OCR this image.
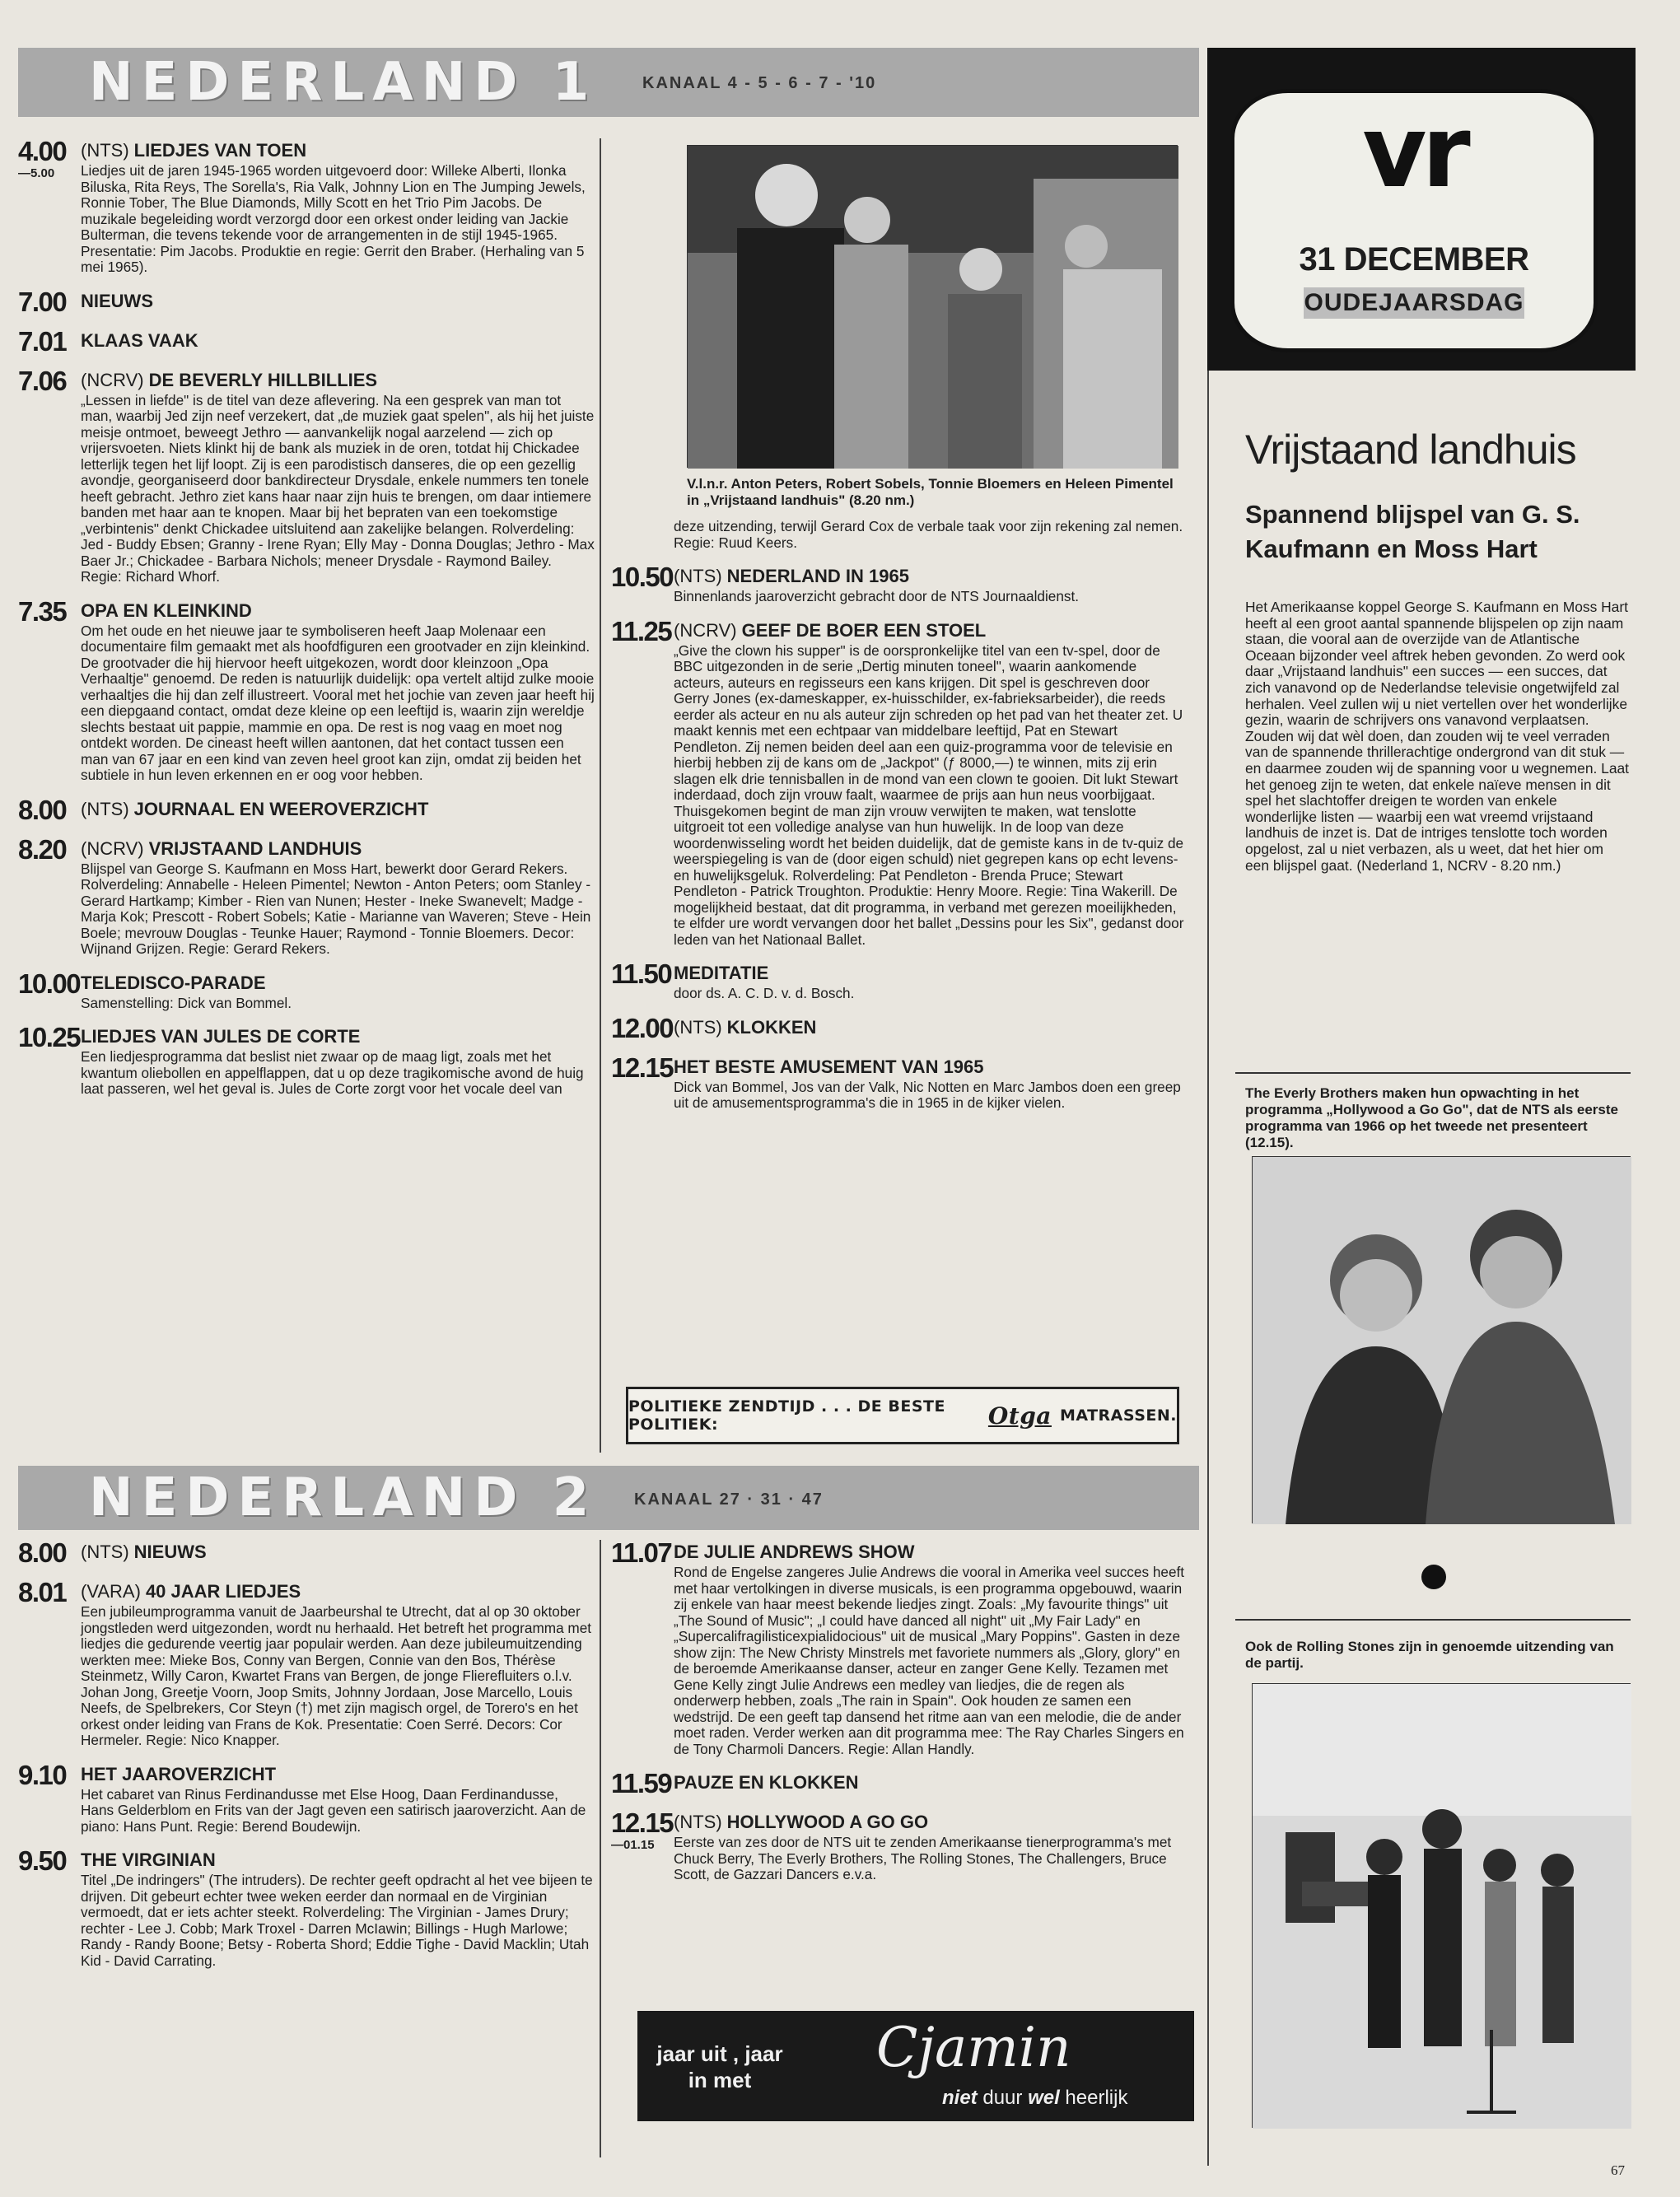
NEDERLAND 1	KANAAL 4 - 5 - 6 - 7 - '10
4.00
—5.00
(NTS) LIEDJES VAN TOEN
Liedjes uit de jaren 1945-1965 worden uitgevoerd door: Willeke Alberti, Ilonka Biluska, Rita Reys, The Sorella's, Ria Valk, Johnny Lion en The Jumping Jewels, Ronnie Tober, The Blue Diamonds, Milly Scott en het Trio Pim Jacobs. De muzikale begeleiding wordt verzorgd door een orkest onder leiding van Jackie Bulterman, die tevens tekende voor de arrangementen in de stijl 1945-1965. Presentatie: Pim Jacobs. Produktie en regie: Gerrit den Braber. (Herhaling van 5 mei 1965).
7.00 NIEUWS
7.01 KLAAS VAAK
7.06 (NCRV) DE BEVERLY HILLBILLIES
„Lessen in liefde" is de titel van deze aflevering. Na een gesprek van man tot man, waarbij Jed zijn neef verzekert, dat „de muziek gaat spelen", als hij het juiste meisje ontmoet, beweegt Jethro — aanvankelijk nogal aarzelend — zich op vrijersvoeten. Niets klinkt hij de bank als muziek in de oren, totdat hij Chickadee letterlijk tegen het lijf loopt. Zij is een parodistisch danseres, die op een gezellig avondje, georganiseerd door bankdirecteur Drysdale, enkele nummers ten tonele heeft gebracht. Jethro ziet kans haar naar zijn huis te brengen, om daar intiemere banden met haar aan te knopen. Maar bij het bepraten van een toekomstige „verbintenis" denkt Chickadee uitsluitend aan zakelijke belangen. Rolverdeling: Jed - Buddy Ebsen; Granny - Irene Ryan; Elly May - Donna Douglas; Jethro - Max Baer Jr.; Chickadee - Barbara Nichols; meneer Drysdale - Raymond Bailey. Regie: Richard Whorf.
7.35 OPA EN KLEINKIND
Om het oude en het nieuwe jaar te symboliseren heeft Jaap Molenaar een documentaire film gemaakt met als hoofdfiguren een grootvader en zijn kleinkind. De grootvader die hij hiervoor heeft uitgekozen, wordt door kleinzoon „Opa Verhaaltje" genoemd. De reden is natuurlijk duidelijk: opa vertelt altijd zulke mooie verhaaltjes die hij dan zelf illustreert. Vooral met het jochie van zeven jaar heeft hij een diepgaand contact, omdat deze kleine op een leeftijd is, waarin zijn wereldje slechts bestaat uit pappie, mammie en opa. De rest is nog vaag en moet nog ontdekt worden. De cineast heeft willen aantonen, dat het contact tussen een man van 67 jaar en een kind van zeven heel groot kan zijn, omdat zij beiden het subtiele in hun leven erkennen en er oog voor hebben.
8.00 (NTS) JOURNAAL EN WEEROVERZICHT
8.20 (NCRV) VRIJSTAAND LANDHUIS
Blijspel van George S. Kaufmann en Moss Hart, bewerkt door Gerard Rekers. Rolverdeling: Annabelle - Heleen Pimentel; Newton - Anton Peters; oom Stanley - Gerard Hartkamp; Kimber - Rien van Nunen; Hester - Ineke Swanevelt; Madge - Marja Kok; Prescott - Robert Sobels; Katie - Marianne van Waveren; Steve - Hein Boele; mevrouw Douglas - Teunke Hauer; Raymond - Tonnie Bloemers. Decor: Wijnand Grijzen. Regie: Gerard Rekers.
10.00 TELEDISCO-PARADE
Samenstelling: Dick van Bommel.
10.25 LIEDJES VAN JULES DE CORTE
Een liedjesprogramma dat beslist niet zwaar op de maag ligt, zoals met het kwantum oliebollen en appelflappen, dat u op deze tragikomische avond de huig laat passeren, wel het geval is. Jules de Corte zorgt voor het vocale deel van
V.l.n.r. Anton Peters, Robert Sobels, Tonnie Bloemers en Heleen Pimentel in „Vrijstaand landhuis" (8.20 nm.)
deze uitzending, terwijl Gerard Cox de verbale taak voor zijn rekening zal nemen. Regie: Ruud Keers.
10.50 (NTS) NEDERLAND IN 1965
Binnenlands jaaroverzicht gebracht door de NTS Journaaldienst.
11.25 (NCRV) GEEF DE BOER EEN STOEL
„Give the clown his supper" is de oorspronkelijke titel van een tv-spel, door de BBC uitgezonden in de serie „Dertig minuten toneel", waarin aankomende acteurs, auteurs en regisseurs een kans krijgen. Dit spel is geschreven door Gerry Jones (ex-dameskapper, ex-huisschilder, ex-fabrieksarbeider), die reeds eerder als acteur en nu als auteur zijn schreden op het pad van het theater zet. U maakt kennis met een echtpaar van middelbare leeftijd, Pat en Stewart Pendleton. Zij nemen beiden deel aan een quiz-programma voor de televisie en hierbij hebben zij de kans om de „Jackpot" (ƒ 8000,—) te winnen, mits zij erin slagen elk drie tennisballen in de mond van een clown te gooien. Dit lukt Stewart inderdaad, doch zijn vrouw faalt, waarmee de prijs aan hun neus voorbijgaat. Thuisgekomen begint de man zijn vrouw verwijten te maken, wat tenslotte uitgroeit tot een volledige analyse van hun huwelijk. In de loop van deze woordenwisseling wordt het beiden duidelijk, dat de gemiste kans in de tv-quiz de weerspiegeling is van de (door eigen schuld) niet gegrepen kans op echt levens- en huwelijksgeluk. Rolverdeling: Pat Pendleton - Brenda Pruce; Stewart Pendleton - Patrick Troughton. Produktie: Henry Moore. Regie: Tina Wakerill. De mogelijkheid bestaat, dat dit programma, in verband met gerezen moeilijkheden, te elfder ure wordt vervangen door het ballet „Dessins pour les Six", gedanst door leden van het Nationaal Ballet.
11.50 MEDITATIE
door ds. A. C. D. v. d. Bosch.
12.00 (NTS) KLOKKEN
12.15 HET BESTE AMUSEMENT VAN 1965
Dick van Bommel, Jos van der Valk, Nic Notten en Marc Jambos doen een greep uit de amusementsprogramma's die in 1965 in de kijker vielen.
POLITIEKE ZENDTIJD . . . DE BESTE POLITIEK:	Otga MATRASSEN.
NEDERLAND 2 KANAAL 27 · 31 · 47
8.00 (NTS) NIEUWS
8.01 (VARA) 40 JAAR LIEDJES
Een jubileumprogramma vanuit de Jaarbeurshal te Utrecht, dat al op 30 oktober jongstleden werd uitgezonden, wordt nu herhaald. Het betreft het programma met liedjes die gedurende veertig jaar populair werden. Aan deze jubileumuitzending werkten mee: Mieke Bos, Conny van Bergen, Connie van den Bos, Thérèse Steinmetz, Willy Caron, Kwartet Frans van Bergen, de jonge Flierefluiters o.l.v. Johan Jong, Greetje Voorn, Joop Smits, Johnny Jordaan, Jose Marcello, Louis Neefs, de Spelbrekers, Cor Steyn (†) met zijn magisch orgel, de Torero's en het orkest onder leiding van Frans de Kok. Presentatie: Coen Serré. Decors: Cor Hermeler. Regie: Nico Knapper.
9.10 HET JAAROVERZICHT
Het cabaret van Rinus Ferdinandusse met Else Hoog, Daan Ferdinandusse, Hans Gelderblom en Frits van der Jagt geven een satirisch jaaroverzicht. Aan de piano: Hans Punt. Regie: Berend Boudewijn.
9.50 THE VIRGINIAN
Titel „De indringers" (The intruders). De rechter geeft opdracht al het vee bijeen te drijven. Dit gebeurt echter twee weken eerder dan normaal en de Virginian vermoedt, dat er iets achter steekt. Rolverdeling: The Virginian - James Drury; rechter - Lee J. Cobb; Mark Troxel - Darren McIawin; Billings - Hugh Marlowe; Randy - Randy Boone; Betsy - Roberta Shord; Eddie Tighe - David Macklin; Utah Kid - David Carrating.
11.07 DE JULIE ANDREWS SHOW
Rond de Engelse zangeres Julie Andrews die vooral in Amerika veel succes heeft met haar vertolkingen in diverse musicals, is een programma opgebouwd, waarin zij enkele van haar meest bekende liedjes zingt. Zoals: „My favourite things" uit „The Sound of Music"; „I could have danced all night" uit „My Fair Lady" en „Supercalifragilisticexpialidocious" uit de musical „Mary Poppins". Gasten in deze show zijn: The New Christy Minstrels met favoriete nummers als „Glory, glory" en de beroemde Amerikaanse danser, acteur en zanger Gene Kelly. Tezamen met Gene Kelly zingt Julie Andrews een medley van liedjes, die de regen als onderwerp hebben, zoals „The rain in Spain". Ook houden ze samen een wedstrijd. De een geeft tap dansend het ritme aan van een melodie, die de ander moet raden. Verder werken aan dit programma mee: The Ray Charles Singers en de Tony Charmoli Dancers. Regie: Allan Handly.
11.59 PAUZE EN KLOKKEN
12.15
—01.15
(NTS) HOLLYWOOD A GO GO
Eerste van zes door de NTS uit te zenden Amerikaanse tienerprogramma's met Chuck Berry, The Everly Brothers, The Rolling Stones, The Challengers, Bruce Scott, de Gazzari Dancers e.v.a.
jaar uit , jaar in met
Cjamin
niet duur wel heerlijk
vr
31 DECEMBER
OUDEJAARSDAG
Vrijstaand landhuis
Spannend blijspel van G. S. Kaufmann en Moss Hart
Het Amerikaanse koppel George S. Kaufmann en Moss Hart heeft al een groot aantal spannende blijspelen op zijn naam staan, die vooral aan de overzijde van de Atlantische Oceaan bijzonder veel aftrek heben gevonden. Zo werd ook daar „Vrijstaand landhuis" een succes — een succes, dat zich vanavond op de Nederlandse televisie ongetwijfeld zal herhalen. Veel zullen wij u niet vertellen over het wonderlijke gezin, waarin de schrijvers ons vanavond verplaatsen. Zouden wij dat wèl doen, dan zouden wij te veel verraden van de spannende thrillerachtige ondergrond van dit stuk — en daarmee zouden wij de spanning voor u wegnemen. Laat het genoeg zijn te weten, dat enkele naïeve mensen in dit spel het slachtoffer dreigen te worden van enkele wonderlijke listen — waarbij een wat vreemd vrijstaand landhuis de inzet is. Dat de intriges tenslotte toch worden opgelost, zal u niet verbazen, als u weet, dat het hier om een blijspel gaat. (Nederland 1, NCRV - 8.20 nm.)
The Everly Brothers maken hun opwachting in het programma „Hollywood a Go Go", dat de NTS als eerste programma van 1966 op het tweede net presenteert (12.15).
Ook de Rolling Stones zijn in genoemde uitzending van de partij.
67
